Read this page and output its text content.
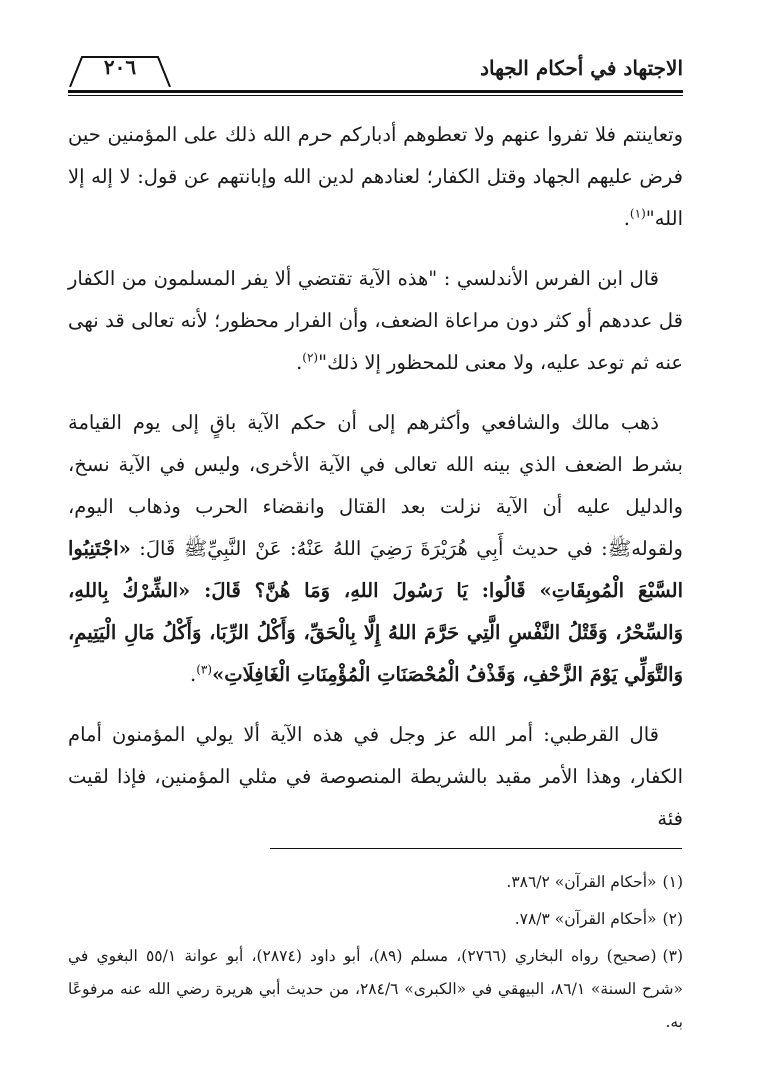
الاجتهاد في أحكام الجهاد
٢٠٦

وتعاينتم فلا تفروا عنهم ولا تعطوهم أدباركم حرم الله ذلك على المؤمنين حين فرض عليهم الجهاد وقتل الكفار؛ لعنادهم لدين الله وإبانتهم عن قول: لا إله إلا الله"$^{(١)}$.

قال ابن الفرس الأندلسي : "هذه الآية تقتضي ألا يفر المسلمون من الكفار قل عددهم أو كثر دون مراعاة الضعف، وأن الفرار محظور؛ لأنه تعالى قد نهى عنه ثم توعد عليه، ولا معنى للمحظور إلا ذلك"$^{(٢)}$.

ذهب مالك والشافعي وأكثرهم إلى أن حكم الآية باقٍ إلى يوم القيامة بشرط الضعف الذي بينه الله تعالى في الآية الأخرى، وليس في الآية نسخ، والدليل عليه أن الآية نزلت بعد القتال وانقضاء الحرب وذهاب اليوم، ولقولهﷺ: في حديث أَبِي هُرَيْرَةَ رَضِيَ اللهُ عَنْهُ: عَنْ النَّبِيِّﷺ قَالَ: «اجْتَنِبُوا السَّبْعَ الْمُوبِقَاتِ» قَالُوا: يَا رَسُولَ اللهِ، وَمَا هُنَّ؟ قَالَ: «الشِّرْكُ بِاللهِ، وَالسِّحْرُ، وَقَتْلُ النَّفْسِ الَّتِي حَرَّمَ اللهُ إِلَّا بِالْحَقِّ، وَأَكْلُ الرِّبَا، وَأَكْلُ مَالِ الْيَتِيمِ، وَالتَّوَلِّي يَوْمَ الزَّحْفِ، وَقَذْفُ الْمُحْصَنَاتِ الْمُؤْمِنَاتِ الْغَافِلَاتِ»$^{(٣)}$.

قال القرطبي: أمر الله عز وجل في هذه الآية ألا يولي المؤمنون أمام الكفار، وهذا الأمر مقيد بالشريطة المنصوصة في مثلي المؤمنين، فإذا لقيت فئة

(١)«أحكام القرآن» ٣٨٦/٢.

(٢)«أحكام القرآن» ٧٨/٣.

(٣)(صحيح) رواه البخاري (٢٧٦٦)، مسلم (٨٩)، أبو داود (٢٨٧٤)، أبو عوانة ٥٥/١ البغوي في «شرح السنة» ٨٦/١، البيهقي في «الكبرى» ٢٨٤/٦، من حديث أبي هريرة رضي الله عنه مرفوعًا به.
